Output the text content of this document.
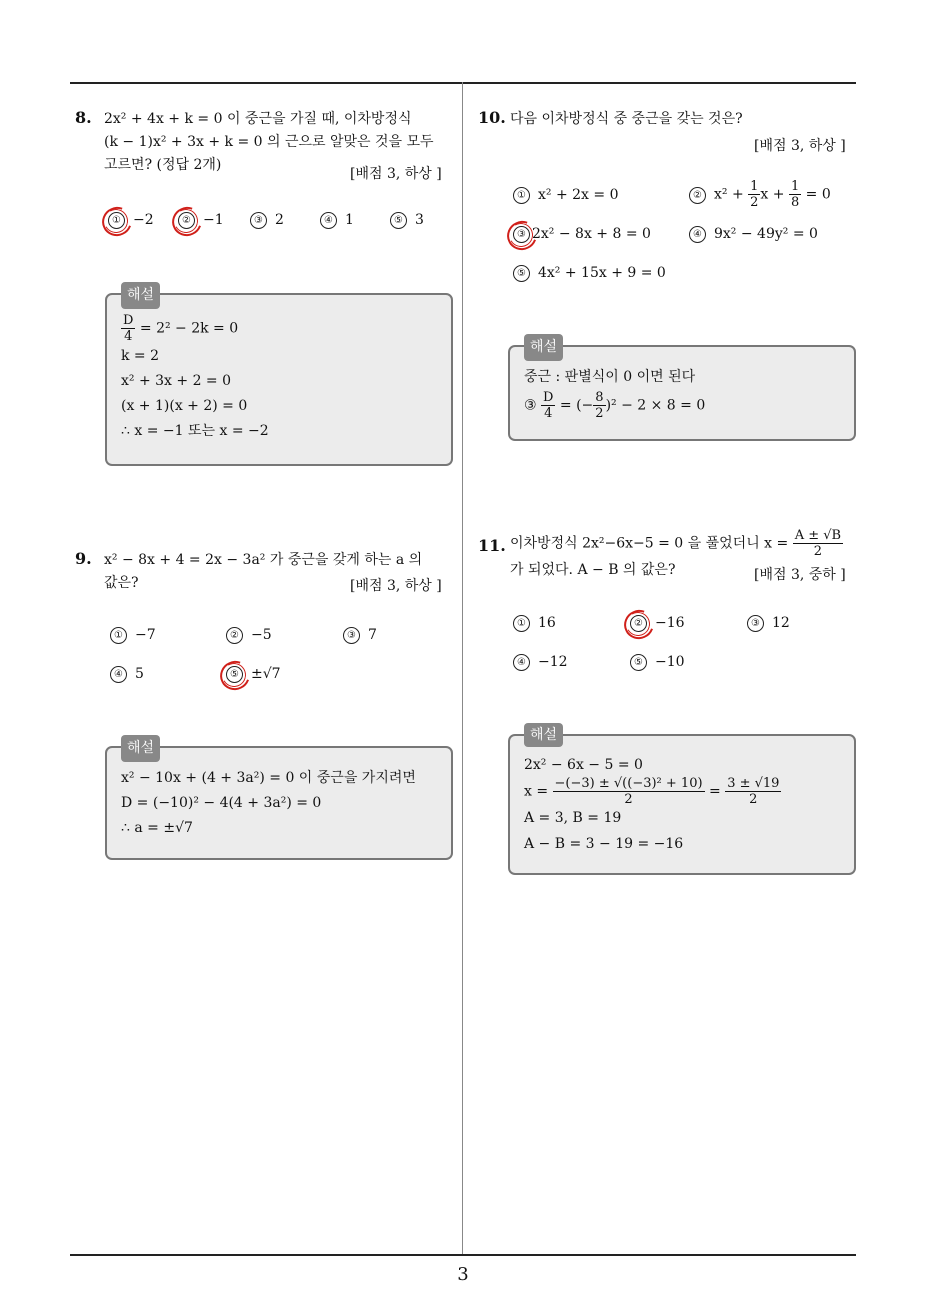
3
8. 2x² + 4x + k = 0 이 중근을 가질 때, 이차방정식
(k − 1)x² + 3x + k = 0 의 근으로 알맞은 것을 모두
고르면? (정답 2개)
[배점 3, 하상 ]
① −2	② −1	③ 2	④ 1	⑤ 3
해설
$\frac{D}{4} = 2^2 - 2k = 0$
k = 2
x² + 3x + 2 = 0
(x + 1)(x + 2) = 0
∴ x = −1 또는 x = −2
9. x² − 8x + 4 = 2x − 3a² 가 중근을 갖게 하는 a 의
값은?	[배점 3, 하상 ]
① −7	② −5	③ 7
④ 5	⑤ ±√7
해설
x² − 10x + (4 + 3a²) = 0 이 중근을 가지려면
D = (−10)² − 4(4 + 3a²) = 0
∴ a = ±√7
10. 다음 이차방정식 중 중근을 갖는 것은?
[배점 3, 하상 ]
① x² + 2x = 0	② $x^2 + \frac{1}{2}$ $x + \frac{1}{8} = 0$
③ 2x² − 8x + 8 = 0	④ 9x² − 49y² = 0
⑤ 4x² + 15x + 9 = 0
해설
중근 : 판별식이 0 이면 된다
③ $\frac{D}{4}$ = (− $\frac{8}{2} )^2 - 2 \times 8 = 0$
11. 이차방정식 2x²−6x−5 = 0 을 풀었더니 $x = \frac{A \pm √B}{2}$
가 되었다. A − B 의 값은?	[배점 3, 중하 ]
① 16	② −16	③ 12
④ −12	⑤ −10
해설
2x² − 6x − 5 = 0
$x = \frac{\text{−(−3) ± √((−3)² + 10)}}{2} = \frac{3 \pm √19}{2}$
A = 3, B = 19
A − B = 3 − 19 = −16
